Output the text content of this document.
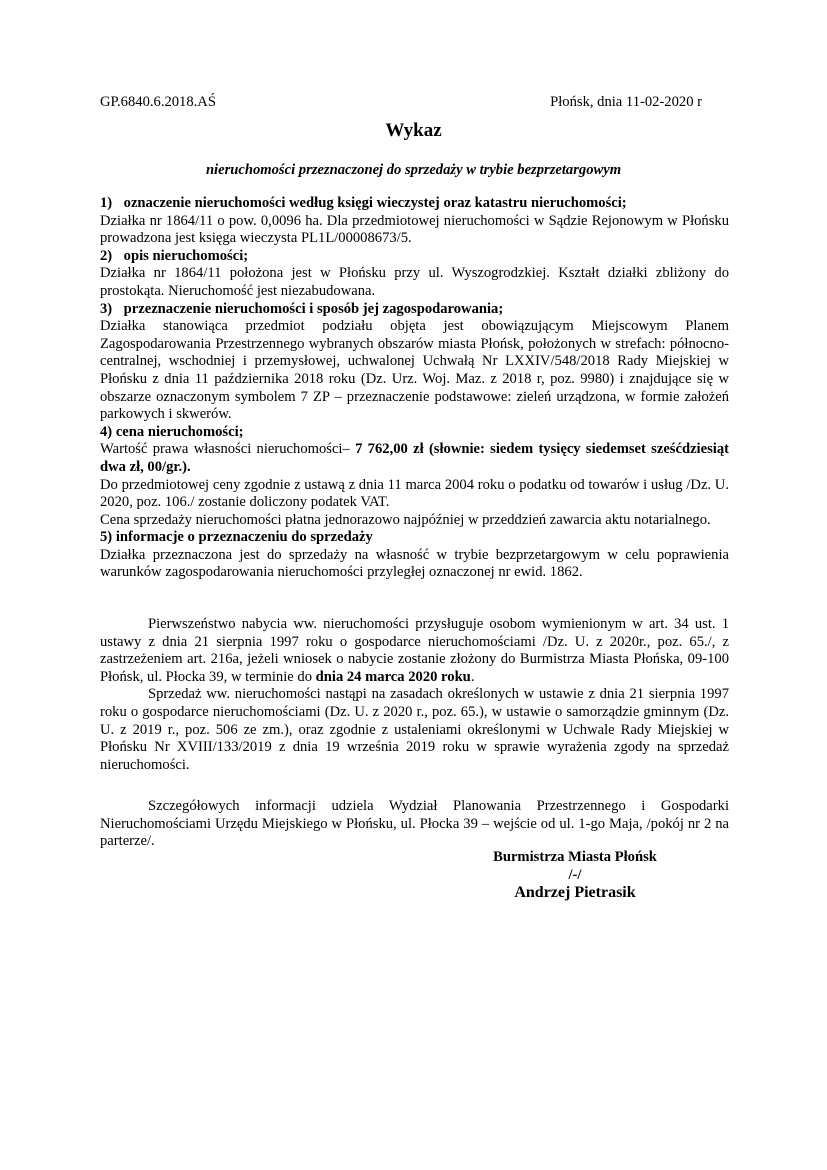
GP.6840.6.2018.AŚ	Płońsk, dnia 11-02-2020 r
Wykaz
nieruchomości przeznaczonej do sprzedaży w trybie bezprzetargowym

1) oznaczenie nieruchomości według księgi wieczystej oraz katastru nieruchomości;

Działka nr 1864/11 o pow. 0,0096 ha. Dla przedmiotowej nieruchomości w Sądzie Rejonowym w Płońsku prowadzona jest księga wieczysta PL1L/00008673/5.

2) opis nieruchomości;

Działka nr 1864/11 położona jest w Płońsku przy ul. Wyszogrodzkiej. Kształt działki zbliżony do prostokąta. Nieruchomość jest niezabudowana.

3) przeznaczenie nieruchomości i sposób jej zagospodarowania;

Działka stanowiąca przedmiot podziału objęta jest obowiązującym Miejscowym Planem Zagospodarowania Przestrzennego wybranych obszarów miasta Płońsk, położonych w strefach: północno-centralnej, wschodniej i przemysłowej, uchwalonej Uchwałą Nr LXXIV/548/2018 Rady Miejskiej w Płońsku z dnia 11 października 2018 roku (Dz. Urz. Woj. Maz. z 2018 r, poz. 9980) i znajdujące się w obszarze oznaczonym symbolem 7 ZP – przeznaczenie podstawowe: zieleń urządzona, w formie założeń parkowych i skwerów.

4) cena nieruchomości;

Wartość prawa własności nieruchomości– 7 762,00 zł (słownie: siedem tysięcy siedemset sześćdziesiąt dwa zł, 00/gr.).

Do przedmiotowej ceny zgodnie z ustawą z dnia 11 marca 2004 roku o podatku od towarów i usług /Dz. U. 2020, poz. 106./ zostanie doliczony podatek VAT.

Cena sprzedaży nieruchomości płatna jednorazowo najpóźniej w przeddzień zawarcia aktu notarialnego.

5) informacje o przeznaczeniu do sprzedaży

Działka przeznaczona jest do sprzedaży na własność w trybie bezprzetargowym w celu poprawienia warunków zagospodarowania nieruchomości przyległej oznaczonej nr ewid. 1862.

Pierwszeństwo nabycia ww. nieruchomości przysługuje osobom wymienionym w art. 34 ust. 1 ustawy z dnia 21 sierpnia 1997 roku o gospodarce nieruchomościami /Dz. U. z 2020r., poz. 65./, z zastrzeżeniem art. 216a, jeżeli wniosek o nabycie zostanie złożony do Burmistrza Miasta Płońska, 09-100 Płońsk, ul. Płocka 39, w terminie do dnia 24 marca 2020 roku.

Sprzedaż ww. nieruchomości nastąpi na zasadach określonych w ustawie z dnia 21 sierpnia 1997 roku o gospodarce nieruchomościami (Dz. U. z 2020 r., poz. 65.), w ustawie o samorządzie gminnym (Dz. U. z 2019 r., poz. 506 ze zm.), oraz zgodnie z ustaleniami określonymi w Uchwale Rady Miejskiej w Płońsku Nr XVIII/133/2019 z dnia 19 września 2019 roku w sprawie wyrażenia zgody na sprzedaż nieruchomości.

Szczegółowych informacji udziela Wydział Planowania Przestrzennego i Gospodarki Nieruchomościami Urzędu Miejskiego w Płońsku, ul. Płocka 39 – wejście od ul. 1-go Maja, /pokój nr 2 na parterze/.

Burmistrza Miasta Płońsk
/-/
Andrzej Pietrasik
